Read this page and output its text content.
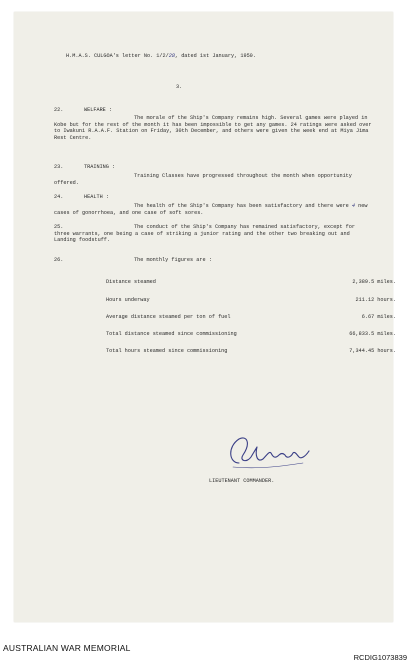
H.M.A.S. CULGOA's letter No. 1/2/28, dated 1st January, 1950.
3.
22.	WELFARE :
The morale of the Ship's Company remains high. Several games were played in Kobe but for the rest of the month it has been impossible to get any games. 24 ratings were asked over to Iwakuni R.A.A.F. Station on Friday, 30th December, and others were given the week end at Miya Jima Rest Centre.
23.	TRAINING :
Training Classes have progressed throughout the month when opportunity offered.
24.	HEALTH :
The health of the Ship's Company has been satisfactory and there were 4 new cases of gonorrhoea, and one case of soft sores.
25.	The conduct of the Ship's Company has remained satisfactory, except for three warrants, one being a case of striking a junior rating and the other two breaking out and Landing foodstuff.
26.	The monthly figures are :
Distance steamed	2,389.5 miles.
Hours underway	211.12 hours.
Average distance steamed per ton of fuel	6.67 miles.
Total distance steamed since commissioning	66,833.5 miles.
Total hours steamed since commissioning	7,344.45 hours.
LIEUTENANT COMMANDER.
AUSTRALIAN WAR MEMORIAL
RCDIG1073839
